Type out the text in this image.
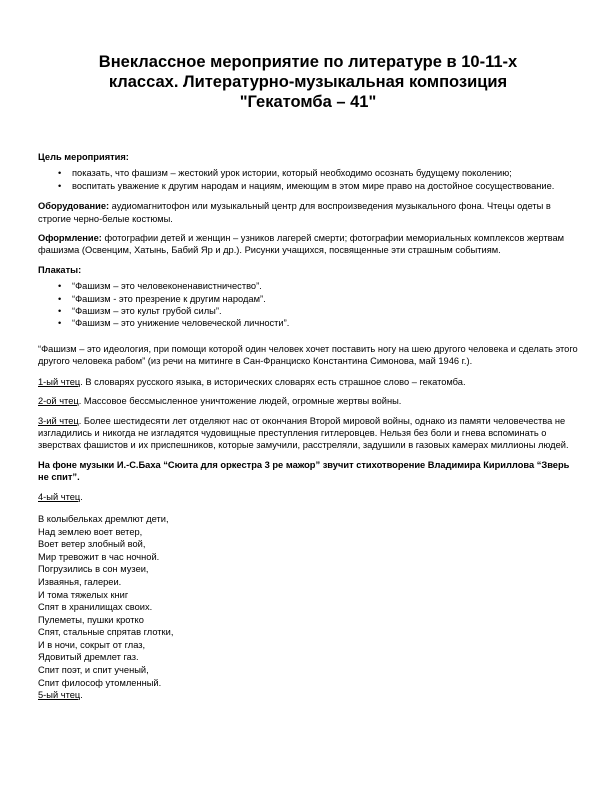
Внеклассное мероприятие по литературе в 10-11-х
классах. Литературно-музыкальная композиция
"Гекатомба – 41"

Цель мероприятия:

• показать, что фашизм – жестокий урок истории, который необходимо осознать будущему поколению;
• воспитать уважение к другим народам и нациям, имеющим в этом мире право на достойное сосуществование.

Оборудование: аудиомагнитофон или музыкальный центр для воспроизведения музыкального фона. Чтецы одеты в строгие черно-белые костюмы.

Оформление: фотографии детей и женщин – узников лагерей смерти; фотографии мемориальных комплексов жертвам фашизма (Освенцим, Хатынь, Бабий Яр и др.). Рисунки учащихся, посвященные эти страшным событиям.

Плакаты:

• “Фашизм – это человеконенавистничество”.
• “Фашизм - это презрение к другим народам”.
• “Фашизм – это культ грубой силы”.
• “Фашизм – это унижение человеческой личности”.

“Фашизм – это идеология, при помощи которой один человек хочет поставить ногу на шею другого человека и сделать этого другого человека рабом” (из речи на митинге в Сан-Франциско Константина Симонова, май 1946 г.).

1-ый чтец. В словарях русского языка, в исторических словарях есть страшное слово – гекатомба.

2-ой чтец. Массовое бессмысленное уничтожение людей, огромные жертвы войны.

3-ий чтец. Более шестидесяти лет отделяют нас от окончания Второй мировой войны, однако из памяти человечества не изгладились и никогда не изгладятся чудовищные преступления гитлеровцев. Нельзя без боли и гнева вспоминать о зверствах фашистов и их приспешников, которые замучили, расстреляли, задушили в газовых камерах миллионы людей.

На фоне музыки И.-С.Баха “Сюита для оркестра 3 ре мажор” звучит стихотворение Владимира Кириллова “Зверь не спит”.

4-ый чтец.

В колыбельках дремлют дети,
Над землею воет ветер,
Воет ветер злобный вой,
Мир тревожит в час ночной.
Погрузились в сон музеи,
Изваянья, галереи.
И тома тяжелых книг
Спят в хранилищах своих.
Пулеметы, пушки кротко
Спят, стальные спрятав глотки,
И в ночи, сокрыт от глаз,
Ядовитый дремлет газ.
Спит поэт, и спит ученый,
Спит философ утомленный.

5-ый чтец.
